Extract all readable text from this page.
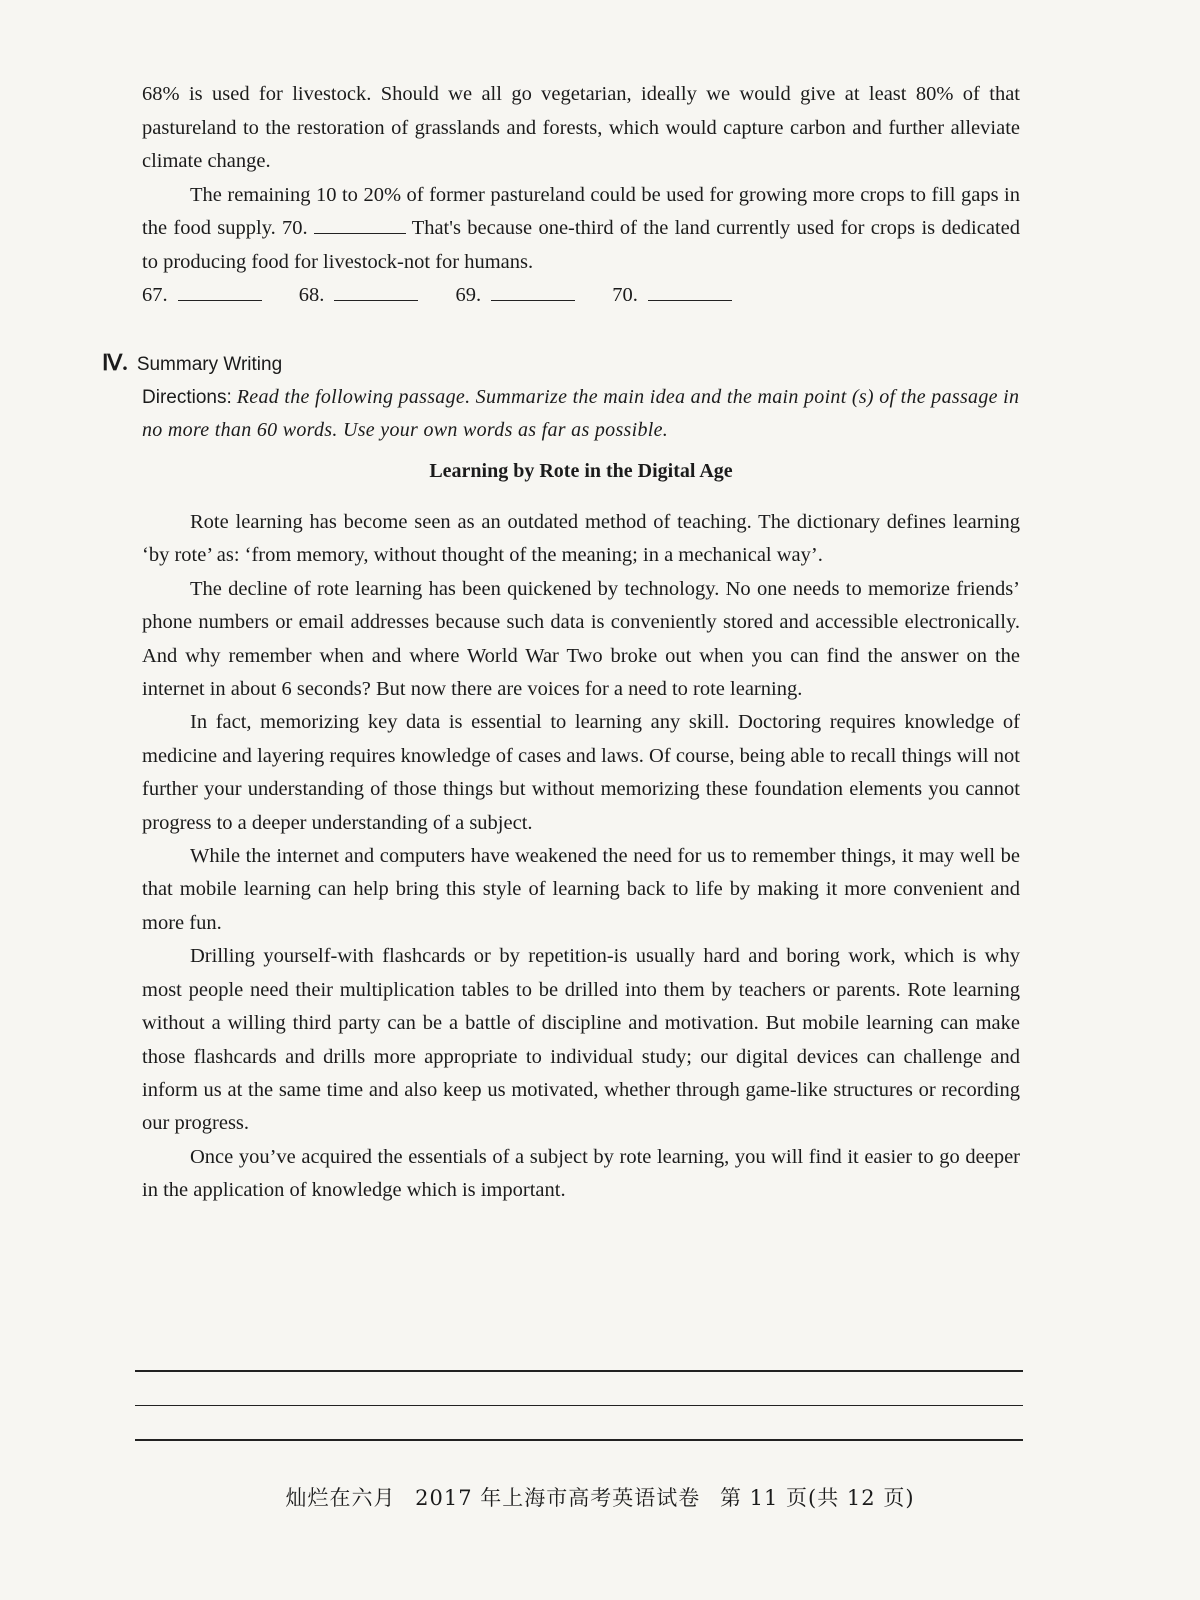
68% is used for livestock. Should we all go vegetarian, ideally we would give at least 80% of that pastureland to the restoration of grasslands and forests, which would capture carbon and further alleviate climate change.

The remaining 10 to 20% of former pastureland could be used for growing more crops to fill gaps in the food supply. 70.	That's because one-third of the land currently used for crops is dedicated to producing food for livestock-not for humans.

67.	68.	69.	70.
Ⅳ. Summary Writing
Directions: Read the following passage. Summarize the main idea and the main point (s) of the passage in no more than 60 words. Use your own words as far as possible.
Learning by Rote in the Digital Age

Rote learning has become seen as an outdated method of teaching. The dictionary defines learning ‘by rote’ as: ‘from memory, without thought of the meaning; in a mechanical way’.

The decline of rote learning has been quickened by technology. No one needs to memorize friends’ phone numbers or email addresses because such data is conveniently stored and accessible electronically. And why remember when and where World War Two broke out when you can find the answer on the internet in about 6 seconds? But now there are voices for a need to rote learning.

In fact, memorizing key data is essential to learning any skill. Doctoring requires knowledge of medicine and layering requires knowledge of cases and laws. Of course, being able to recall things will not further your understanding of those things but without memorizing these foundation elements you cannot progress to a deeper understanding of a subject.

While the internet and computers have weakened the need for us to remember things, it may well be that mobile learning can help bring this style of learning back to life by making it more convenient and more fun.

Drilling yourself-with flashcards or by repetition-is usually hard and boring work, which is why most people need their multiplication tables to be drilled into them by teachers or parents. Rote learning without a willing third party can be a battle of discipline and motivation. But mobile learning can make those flashcards and drills more appropriate to individual study; our digital devices can challenge and inform us at the same time and also keep us motivated, whether through game-like structures or recording our progress.

Once you’ve acquired the essentials of a subject by rote learning, you will find it easier to go deeper in the application of knowledge which is important.

灿烂在六月 2017 年上海市高考英语试卷 第 11 页(共 12 页)
